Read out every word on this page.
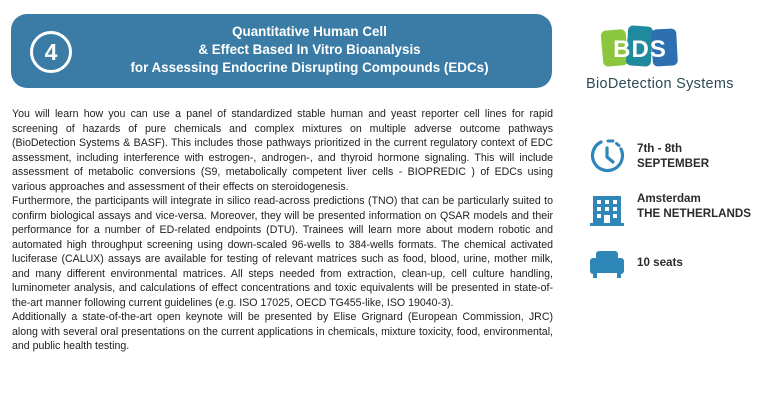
4
Quantitative Human Cell
& Effect Based In Vitro Bioanalysis
for Assessing Endocrine Disrupting Compounds (EDCs)

You will learn how you can use a panel of standardized stable human and yeast reporter cell lines for rapid screening of hazards of pure chemicals and complex mixtures on multiple adverse outcome pathways (BioDetection Systems & BASF). This includes those pathways prioritized in the current regulatory context of EDC assessment, including interference with estrogen-, androgen-, and thyroid hormone signaling. This will include assessment of metabolic conversions (S9, metabolically competent liver cells - BIOPREDIC ) of EDCs using various approaches and assessment of their effects on steroidogenesis.

Furthermore, the participants will integrate in silico read-across predictions (TNO) that can be particularly suited to confirm biological assays and vice-versa. Moreover, they will be presented information on QSAR models and their performance for a number of ED-related endpoints (DTU). Trainees will learn more about modern robotic and automated high throughput screening using down-scaled 96-wells to 384-wells formats. The chemical activated luciferase (CALUX) assays are available for testing of relevant matrices such as food, blood, urine, mother milk, and many different environmental matrices. All steps needed from extraction, clean-up, cell culture handling, luminometer analysis, and calculations of effect concentrations and toxic equivalents will be presented in state-of-the-art manner following current guidelines (e.g. ISO 17025, OECD TG455-like, ISO 19040-3).

Additionally a state-of-the-art open keynote will be presented by Elise Grignard (European Commission, JRC) along with several oral presentations on the current applications in chemicals, mixture toxicity, food, environmental, and public health testing.

BDS
BioDetection Systems
7th - 8th
SEPTEMBER
Amsterdam
THE NETHERLANDS
10 seats
